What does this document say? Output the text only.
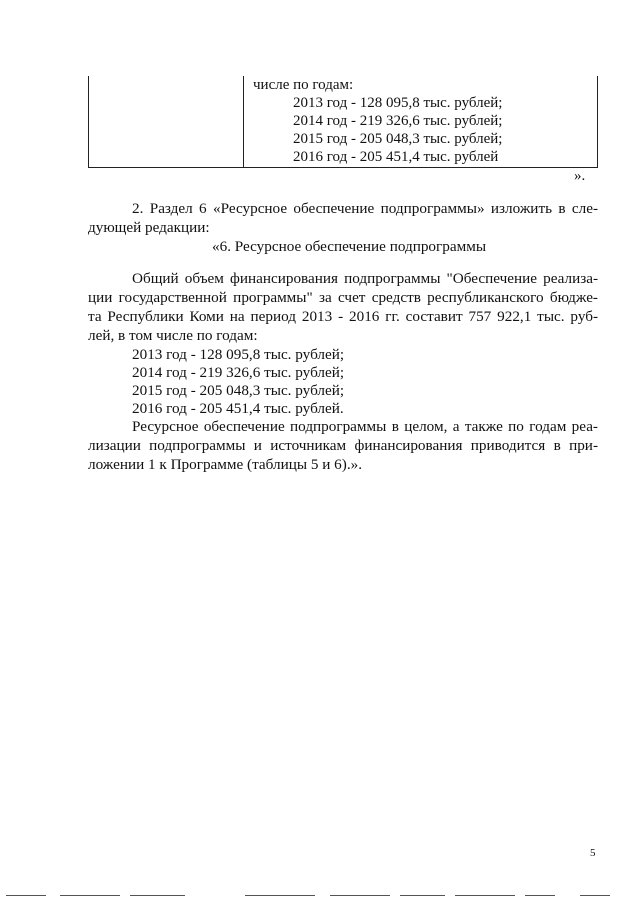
числе по годам:
2013 год - 128 095,8 тыс. рублей;
2014 год - 219 326,6 тыс. рублей;
2015 год - 205 048,3 тыс. рублей;
2016 год - 205 451,4 тыс. рублей
».
2. Раздел 6 «Ресурсное обеспечение подпрограммы» изложить в сле-
дующей редакции:
«6. Ресурсное обеспечение подпрограммы
Общий объем финансирования подпрограммы "Обеспечение реализа-
ции государственной программы" за счет средств республиканского бюдже-
та Республики Коми на период 2013 - 2016 гг. составит 757 922,1 тыс. руб-
лей, в том числе по годам:
2013 год - 128 095,8 тыс. рублей;
2014 год - 219 326,6 тыс. рублей;
2015 год - 205 048,3 тыс. рублей;
2016 год - 205 451,4 тыс. рублей.
Ресурсное обеспечение подпрограммы в целом, а также по годам реа-
лизации подпрограммы и источникам финансирования приводится в при-
ложении 1 к Программе (таблицы 5 и 6).».
5
